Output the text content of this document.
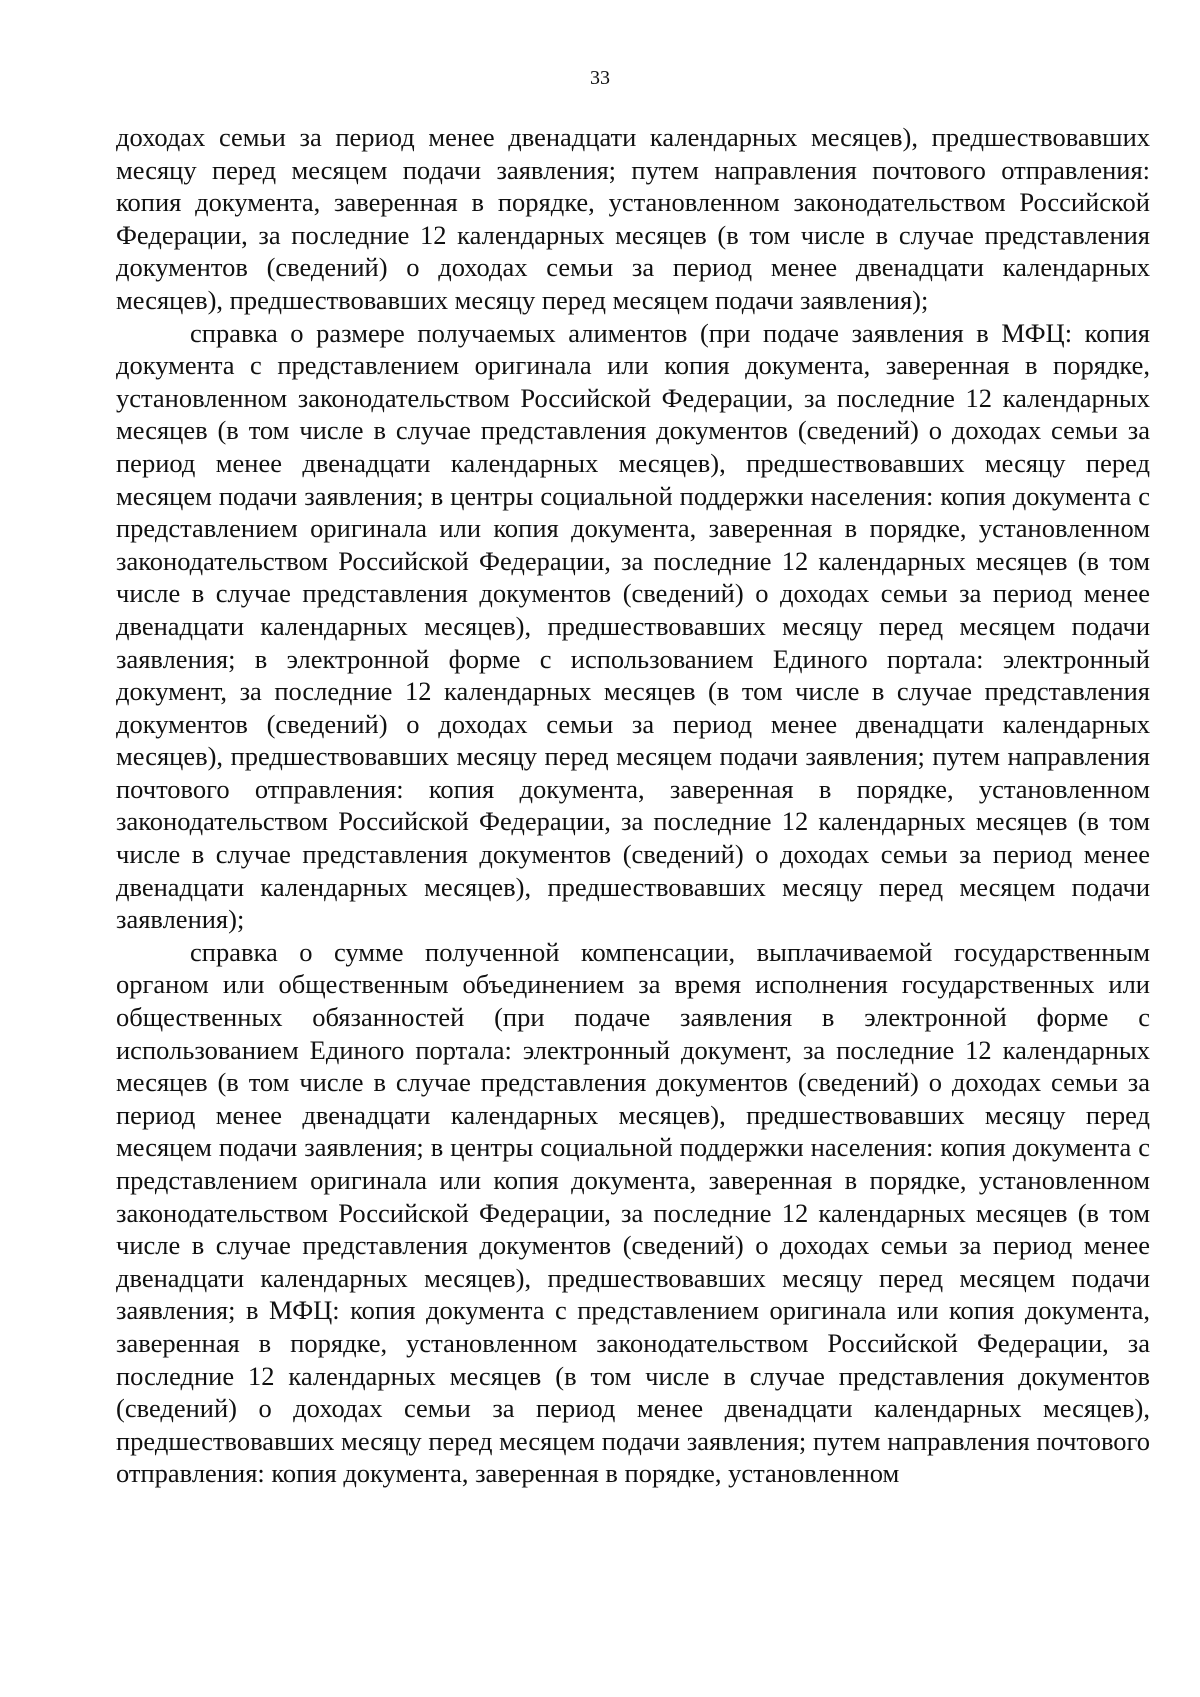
33

доходах семьи за период менее двенадцати календарных месяцев), предшествовавших месяцу перед месяцем подачи заявления; путем направления почтового отправления: копия документа, заверенная в порядке, установленном законодательством Российской Федерации, за последние 12 календарных месяцев (в том числе в случае представления документов (сведений) о доходах семьи за период менее двенадцати календарных месяцев), предшествовавших месяцу перед месяцем подачи заявления);

справка о размере получаемых алиментов (при подаче заявления в МФЦ: копия документа с представлением оригинала или копия документа, заверенная в порядке, установленном законодательством Российской Федерации, за последние 12 календарных месяцев (в том числе в случае представления документов (сведений) о доходах семьи за период менее двенадцати календарных месяцев), предшествовавших месяцу перед месяцем подачи заявления; в центры социальной поддержки населения: копия документа с представлением оригинала или копия документа, заверенная в порядке, установленном законодательством Российской Федерации, за последние 12 календарных месяцев (в том числе в случае представления документов (сведений) о доходах семьи за период менее двенадцати календарных месяцев), предшествовавших месяцу перед месяцем подачи заявления; в электронной форме с использованием Единого портала: электронный документ, за последние 12 календарных месяцев (в том числе в случае представления документов (сведений) о доходах семьи за период менее двенадцати календарных месяцев), предшествовавших месяцу перед месяцем подачи заявления; путем направления почтового отправления: копия документа, заверенная в порядке, установленном законодательством Российской Федерации, за последние 12 календарных месяцев (в том числе в случае представления документов (сведений) о доходах семьи за период менее двенадцати календарных месяцев), предшествовавших месяцу перед месяцем подачи заявления);

справка о сумме полученной компенсации, выплачиваемой государственным органом или общественным объединением за время исполнения государственных или общественных обязанностей (при подаче заявления в электронной форме с использованием Единого портала: электронный документ, за последние 12 календарных месяцев (в том числе в случае представления документов (сведений) о доходах семьи за период менее двенадцати календарных месяцев), предшествовавших месяцу перед месяцем подачи заявления; в центры социальной поддержки населения: копия документа с представлением оригинала или копия документа, заверенная в порядке, установленном законодательством Российской Федерации, за последние 12 календарных месяцев (в том числе в случае представления документов (сведений) о доходах семьи за период менее двенадцати календарных месяцев), предшествовавших месяцу перед месяцем подачи заявления; в МФЦ: копия документа с представлением оригинала или копия документа, заверенная в порядке, установленном законодательством Российской Федерации, за последние 12 календарных месяцев (в том числе в случае представления документов (сведений) о доходах семьи за период менее двенадцати календарных месяцев), предшествовавших месяцу перед месяцем подачи заявления; путем направления почтового отправления: копия документа, заверенная в порядке, установленном
